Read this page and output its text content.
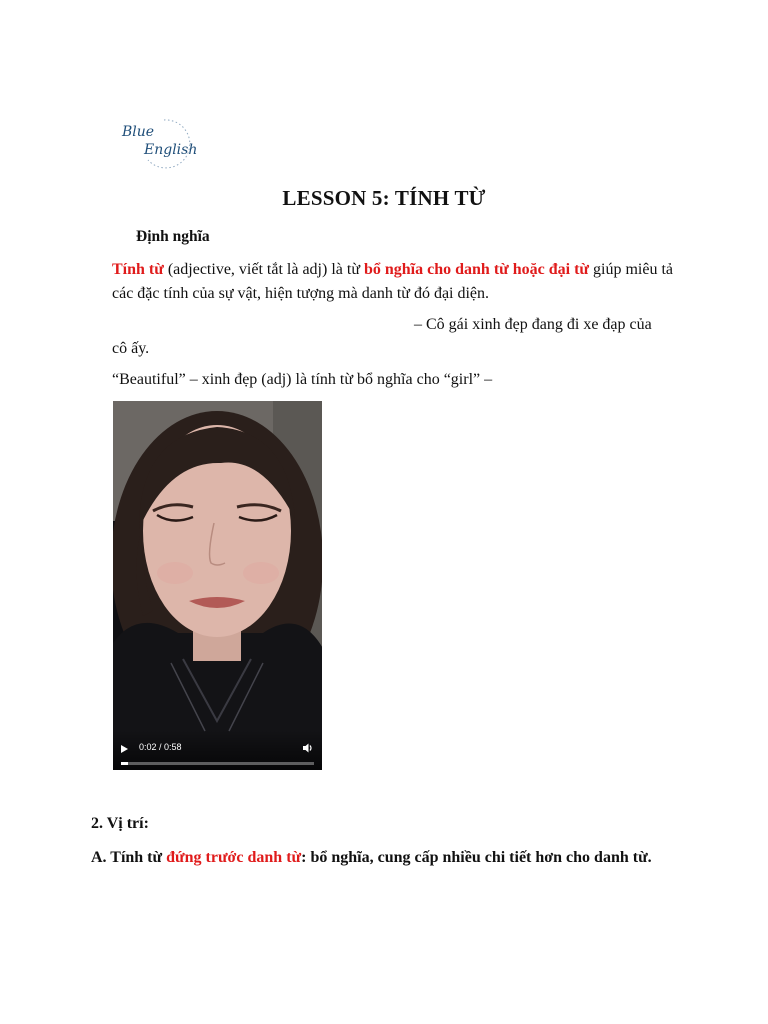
Blue
English
LESSON 5: TÍNH TỪ
Định nghĩa
Tính từ (adjective, viết tắt là adj) là từ bổ nghĩa cho danh từ hoặc đại từ giúp miêu tả các đặc tính của sự vật, hiện tượng mà danh từ đó đại diện.
– Cô gái xinh đẹp đang đi xe đạp của
cô ấy.
“Beautiful” – xinh đẹp (adj) là tính từ bổ nghĩa cho “girl” –
0:02 / 0:58
2. Vị trí:
A. Tính từ đứng trước danh từ: bổ nghĩa, cung cấp nhiều chi tiết hơn cho danh từ.
